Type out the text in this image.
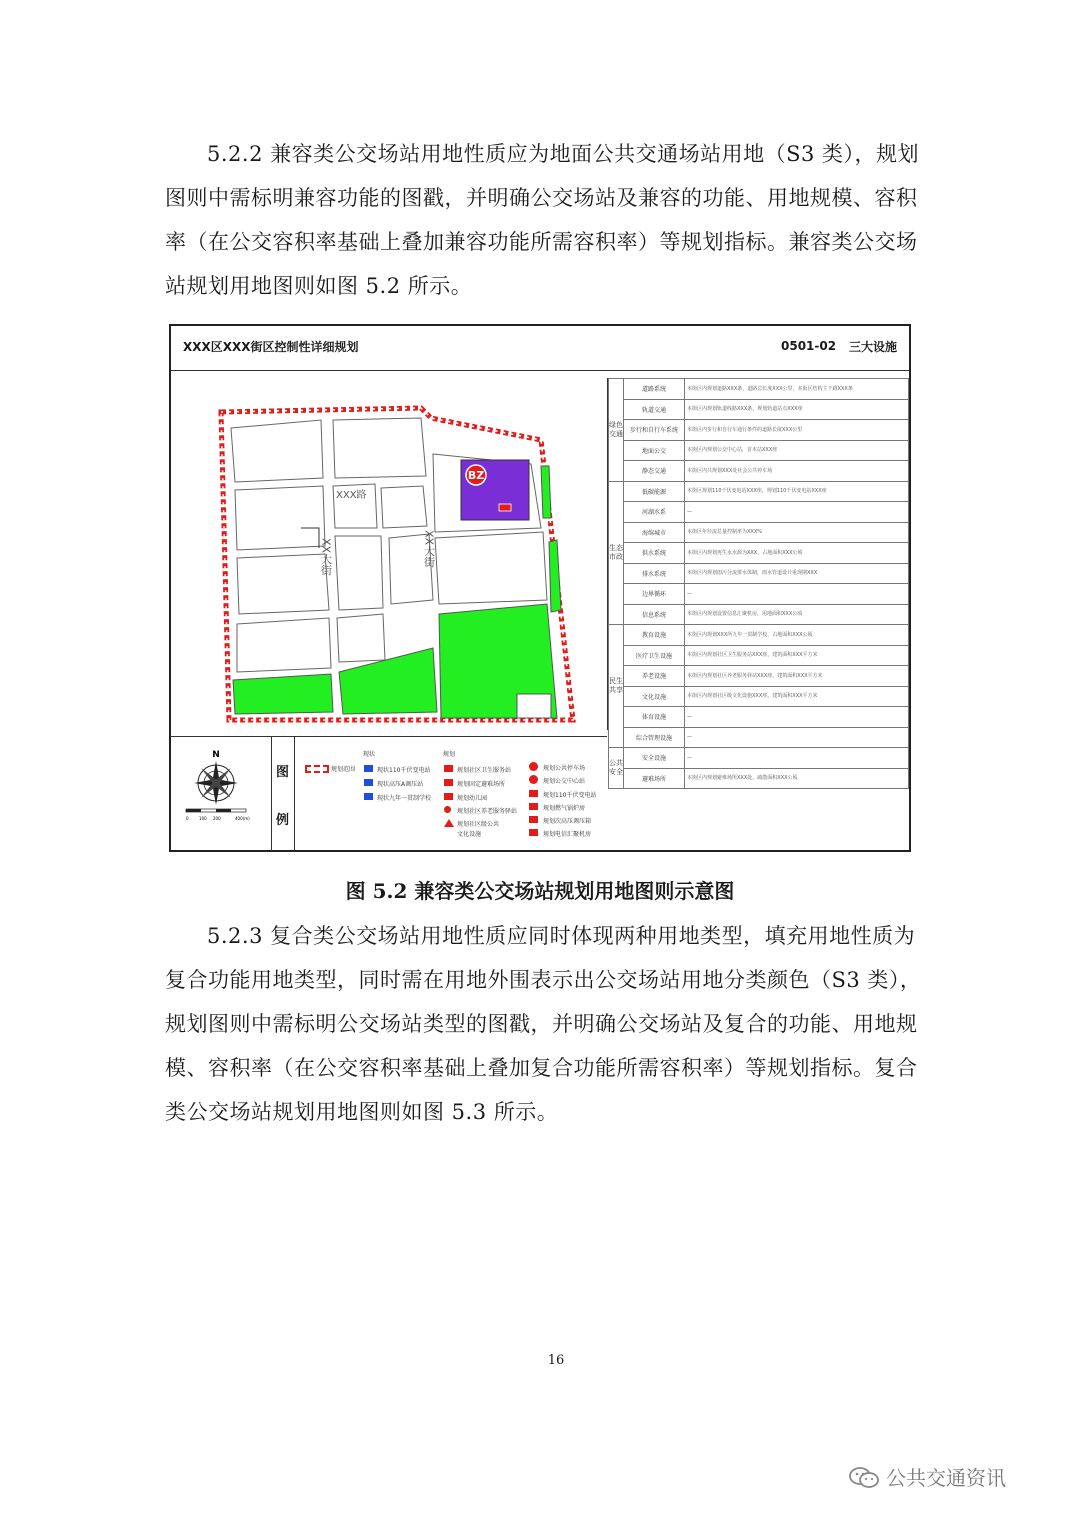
5.2.2 兼容类公交场站用地性质应为地面公共交通场站用地（S3 类），规划
图则中需标明兼容功能的图戳，并明确公交场站及兼容的功能、用地规模、容积
率（在公交容积率基础上叠加兼容功能所需容积率）等规划指标。兼容类公交场
站规划用地图则如图 5.2 所示。
XXX区XXX街区控制性详细规划	0501-02 三大设施
BZ
XXX路
XX大街	XX大街
绿色交通	道路系统	本街区内规划道路XXX条，道路总长度XXX公里，本街区结构主干路XXX条
	轨道交通	本街区内规划轨道线路XXX条，规划轨道站点XXX座
	步行和自行车系统	本街区内步行和自行车通行条件的道路长度XXX公里
	地面公交	本街区内规划公交中心站，首末站XXX座
	静态交通	本街区内共规划XXX处社会公共停车场
生态市政	低碳能源	本街区规划110千伏变电站XXX座，规划110千伏变电站XXX座
	河湖水系	—
	海绵城市	本街区年径流总量控制率为XXX%
	供水系统	本街区内规划再生水水源为XXX，占地面积XXX公顷
	排水系统	本街区内规划雨污分流排水体制，雨水管道设计重现期XXX
	边界循环	—
	信息系统	本街区内规划设置信息汇聚机房，用地面积XXX公顷
民生共享	教育设施	本街区内规划XXX所九年一贯制学校，占地面积XXX公顷
	医疗卫生设施	本街区内规划社区卫生服务站XXX座，建筑面积XXX平方米
	养老设施	本街区内规划社区养老服务驿站XXX座，建筑面积XXX平方米
	文化设施	本街区内规划社区级文化设施XXX座，建筑面积XXX平方米
	体育设施	—
	综合管理设施	—
公共安全	安全设施	—
	避难场所	本街区内规划避难场所XXX处，疏散面积XXX公顷
N
0	100 200	400(m)
图
例
规划范围
现状	规划
现状110千伏变电站
现状高压A调压站
现状九年一贯制学校
规划社区卫生服务站
规划固定避难场所
规划幼儿园
规划社区养老服务驿站
规划社区级公共
文化设施
规划公共停车场
规划公交中心站
规划110千伏变电站
规划燃气锅炉房
规划次高压调压箱
规划电信汇聚机房
图 5.2 兼容类公交场站规划用地图则示意图
5.2.3 复合类公交场站用地性质应同时体现两种用地类型，填充用地性质为
复合功能用地类型，同时需在用地外围表示出公交场站用地分类颜色（S3 类），
规划图则中需标明公交场站类型的图戳，并明确公交场站及复合的功能、用地规
模、容积率（在公交容积率基础上叠加复合功能所需容积率）等规划指标。复合
类公交场站规划用地图则如图 5.3 所示。
16
公共交通资讯
